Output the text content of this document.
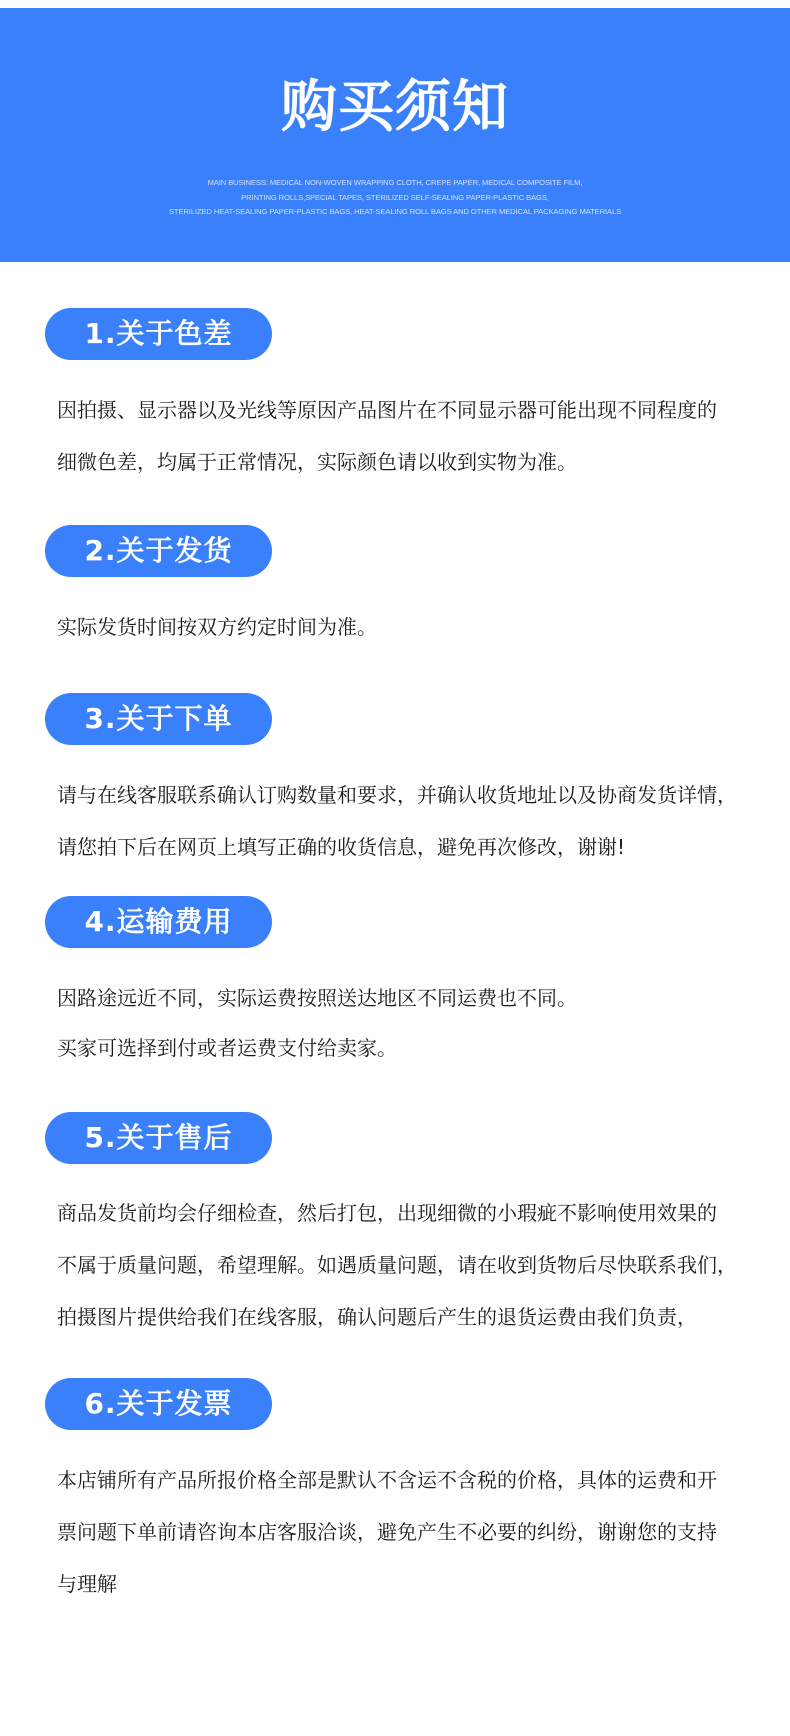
购买须知
MAIN BUSINESS: MEDICAL NON-WOVEN WRAPPING CLOTH, CREPE PAPER, MEDICAL COMPOSITE FILM,
PRINTING ROLLS,SPECIAL TAPES, STERILIZED SELF-SEALING PAPER-PLASTIC BAGS,
STERILIZED HEAT-SEALING PAPER-PLASTIC BAGS, HEAT-SEALING ROLL BAGS AND OTHER MEDICAL PACKAGING MATERIALS
1.关于色差
因拍摄、显示器以及光线等原因产品图片在不同显示器可能出现不同程度的
细微色差，均属于正常情况，实际颜色请以收到实物为准。
2.关于发货
实际发货时间按双方约定时间为准。
3.关于下单
请与在线客服联系确认订购数量和要求，并确认收货地址以及协商发货详情，
请您拍下后在网页上填写正确的收货信息，避免再次修改，谢谢!
4.运输费用
因路途远近不同，实际运费按照送达地区不同运费也不同。
买家可选择到付或者运费支付给卖家。
5.关于售后
商品发货前均会仔细检查，然后打包，出现细微的小瑕疵不影响使用效果的
不属于质量问题，希望理解。如遇质量问题，请在收到货物后尽快联系我们，
拍摄图片提供给我们在线客服，确认问题后产生的退货运费由我们负责，
6.关于发票
本店铺所有产品所报价格全部是默认不含运不含税的价格，具体的运费和开
票问题下单前请咨询本店客服洽谈，避免产生不必要的纠纷，谢谢您的支持
与理解
